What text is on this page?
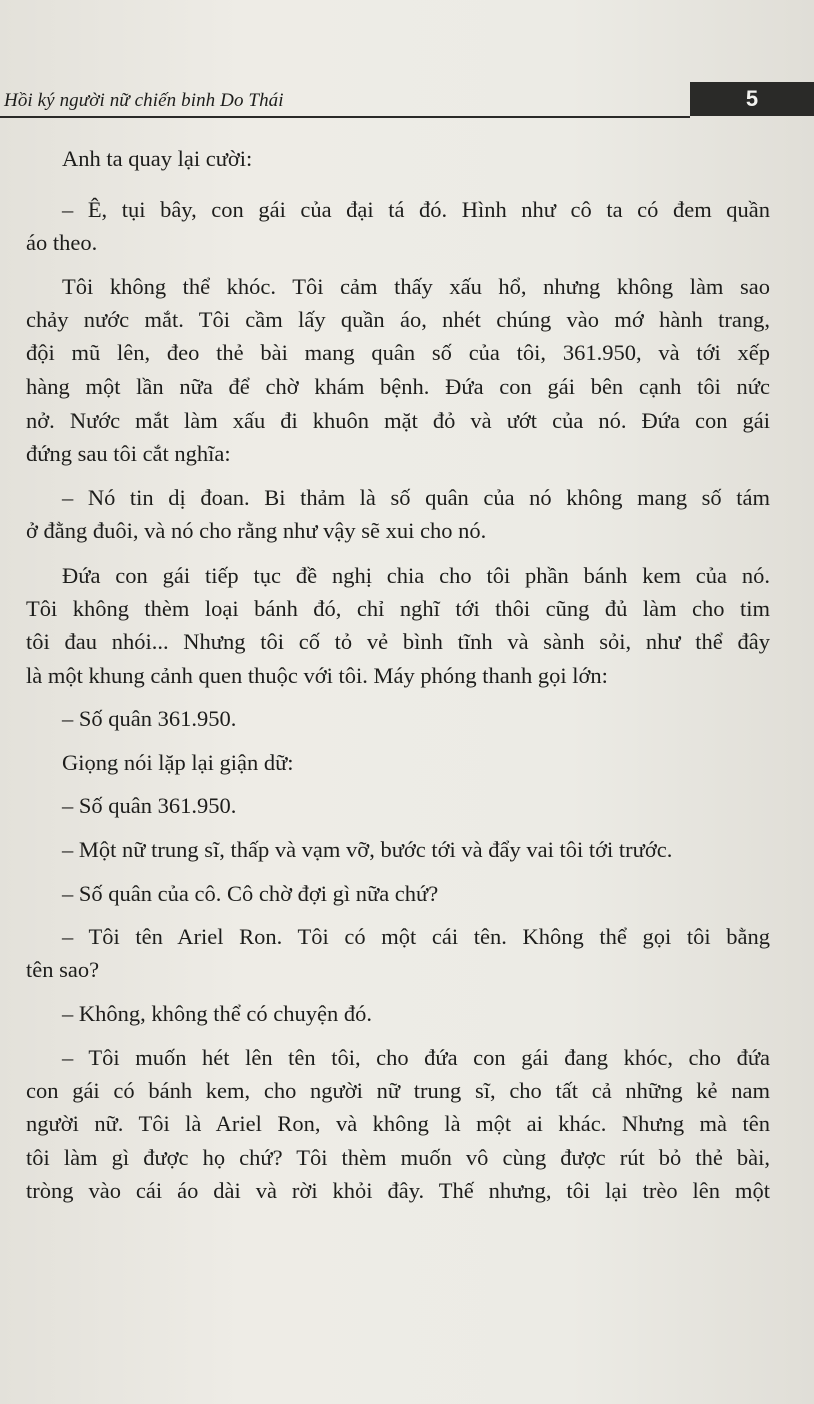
Hồi ký người nữ chiến binh Do Thái	5
Anh ta quay lại cười:
– Ê, tụi bây, con gái của đại tá đó. Hình như cô ta có đem quần
áo theo.
Tôi không thể khóc. Tôi cảm thấy xấu hổ, nhưng không làm sao
chảy nước mắt. Tôi cầm lấy quần áo, nhét chúng vào mớ hành trang,
đội mũ lên, đeo thẻ bài mang quân số của tôi, 361.950, và tới xếp
hàng một lần nữa để chờ khám bệnh. Đứa con gái bên cạnh tôi nức
nở. Nước mắt làm xấu đi khuôn mặt đỏ và ướt của nó. Đứa con gái
đứng sau tôi cắt nghĩa:
– Nó tin dị đoan. Bi thảm là số quân của nó không mang số tám
ở đằng đuôi, và nó cho rằng như vậy sẽ xui cho nó.
Đứa con gái tiếp tục đề nghị chia cho tôi phần bánh kem của nó.
Tôi không thèm loại bánh đó, chỉ nghĩ tới thôi cũng đủ làm cho tim
tôi đau nhói... Nhưng tôi cố tỏ vẻ bình tĩnh và sành sỏi, như thể đây
là một khung cảnh quen thuộc với tôi. Máy phóng thanh gọi lớn:
– Số quân 361.950.
Giọng nói lặp lại giận dữ:
– Số quân 361.950.
– Một nữ trung sĩ, thấp và vạm vỡ, bước tới và đẩy vai tôi tới trước.
– Số quân của cô. Cô chờ đợi gì nữa chứ?
– Tôi tên Ariel Ron. Tôi có một cái tên. Không thể gọi tôi bằng
tên sao?
– Không, không thể có chuyện đó.
– Tôi muốn hét lên tên tôi, cho đứa con gái đang khóc, cho đứa
con gái có bánh kem, cho người nữ trung sĩ, cho tất cả những kẻ nam
người nữ. Tôi là Ariel Ron, và không là một ai khác. Nhưng mà tên
tôi làm gì được họ chứ? Tôi thèm muốn vô cùng được rút bỏ thẻ bài,
tròng vào cái áo dài và rời khỏi đây. Thế nhưng, tôi lại trèo lên một
